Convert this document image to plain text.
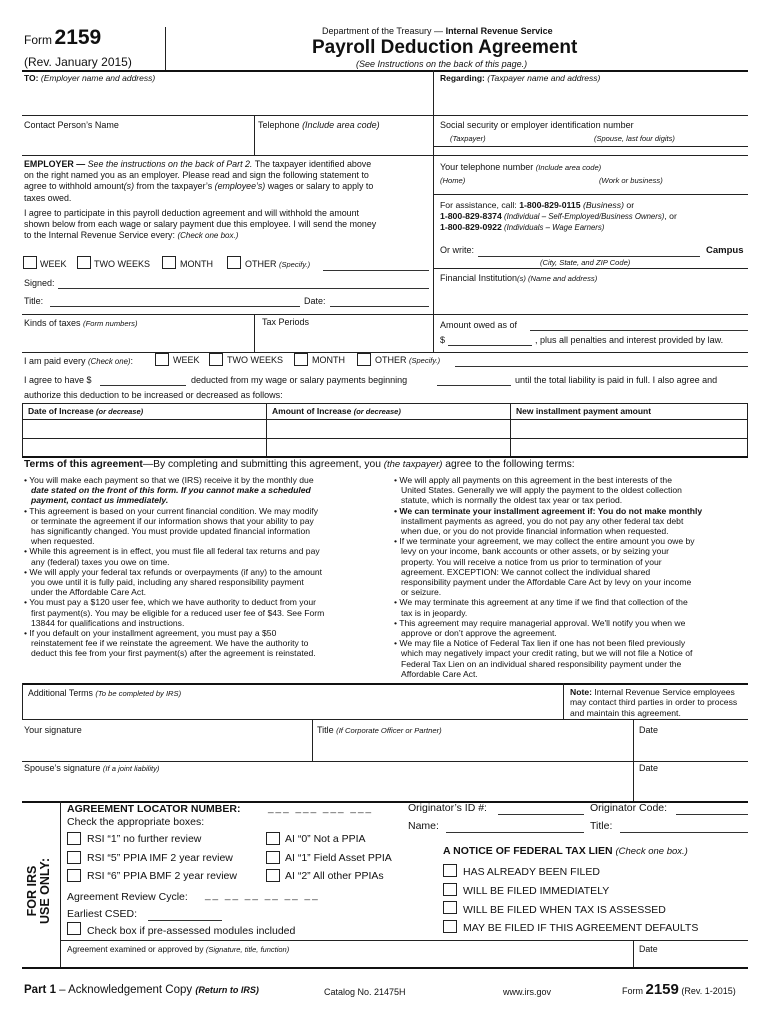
Form 2159
(Rev. January 2015)
Department of the Treasury — Internal Revenue Service
Payroll Deduction Agreement
(See Instructions on the back of this page.)
TO: (Employer name and address)	Regarding: (Taxpayer name and address)
Contact Person’s Name	Telephone (Include area code)	Social security or employer identification number
(Taxpayer)	(Spouse, last four digits)
EMPLOYER — See the instructions on the back of Part 2. The taxpayer identified above
on the right named you as an employer. Please read and sign the following statement to
agree to withhold amount(s) from the taxpayer’s (employee’s) wages or salary to apply to
taxes owed.
I agree to participate in this payroll deduction agreement and will withhold the amount
shown below from each wage or salary payment due this employee. I will send the money
to the Internal Revenue Service every: (Check one box.)
WEEK	TWO WEEKS	MONTH	OTHER (Specify.)
Signed:
Title:	Date:
Your telephone number (Include area code)
(Home)	(Work or business)
For assistance, call: 1-800-829-0115 (Business) or
1-800-829-8374 (Individual – Self-Employed/Business Owners), or
1-800-829-0922 (Individuals – Wage Earners)
Or write:	Campus
(City, State, and ZIP Code)
Financial Institution(s) (Name and address)
Kinds of taxes (Form numbers)	Tax Periods	Amount owed as of
$	, plus all penalties and interest provided by law.
I am paid every (Check one):	WEEK	TWO WEEKS	MONTH	OTHER (Specify.)
I agree to have $	deducted from my wage or salary payments beginning	until the total liability is paid in full. I also agree and
authorize this deduction to be increased or decreased as follows:
Date of Increase (or decrease)	Amount of Increase (or decrease)	New installment payment amount
Terms of this agreement—By completing and submitting this agreement, you (the taxpayer) agree to the following terms:

• You will make each payment so that we (IRS) receive it by the monthly due

date stated on the front of this form. If you cannot make a scheduled

payment, contact us immediately.

• This agreement is based on your current financial condition. We may modify

or terminate the agreement if our information shows that your ability to pay

has significantly changed. You must provide updated financial information

when requested.

• While this agreement is in effect, you must file all federal tax returns and pay

any (federal) taxes you owe on time.

• We will apply your federal tax refunds or overpayments (if any) to the amount

you owe until it is fully paid, including any shared responsibility payment

under the Affordable Care Act.

• You must pay a $120 user fee, which we have authority to deduct from your

first payment(s). You may be eligible for a reduced user fee of $43. See Form

13844 for qualifications and instructions.

• If you default on your installment agreement, you must pay a $50

reinstatement fee if we reinstate the agreement. We have the authority to

deduct this fee from your first payment(s) after the agreement is reinstated.

• We will apply all payments on this agreement in the best interests of the

United States. Generally we will apply the payment to the oldest collection

statute, which is normally the oldest tax year or tax period.

• We can terminate your installment agreement if: You do not make monthly

installment payments as agreed, you do not pay any other federal tax debt

when due, or you do not provide financial information when requested.

• If we terminate your agreement, we may collect the entire amount you owe by

levy on your income, bank accounts or other assets, or by seizing your

property. You will receive a notice from us prior to termination of your

agreement. EXCEPTION: We cannot collect the individual shared

responsibility payment under the Affordable Care Act by levy on your income

or seizure.

• We may terminate this agreement at any time if we find that collection of the

tax is in jeopardy.

• This agreement may require managerial approval. We'll notify you when we

approve or don’t approve the agreement.

• We may file a Notice of Federal Tax lien if one has not been filed previously

which may negatively impact your credit rating, but we will not file a Notice of

Federal Tax Lien on an individual shared responsibility payment under the

Affordable Care Act.

Additional Terms (To be completed by IRS)	Note: Internal Revenue Service employees
may contact third parties in order to process
and maintain this agreement.
Your signature	Title (If Corporate Officer or Partner)	Date
Spouse’s signature (If a joint liability)	Date
FOR IRS USE ONLY:
AGREEMENT LOCATOR NUMBER:	___ ___ ___ ___
Check the appropriate boxes:
RSI “1” no further review
RSI “5” PPIA IMF 2 year review
RSI “6” PPIA BMF 2 year review
AI “0” Not a PPIA
AI “1” Field Asset PPIA
AI “2” All other PPIAs
Agreement Review Cycle: __ __ __ __ __ __
Earliest CSED:
Check box if pre-assessed modules included
Originator’s ID #:	Originator Code:
Name:	Title:
A NOTICE OF FEDERAL TAX LIEN (Check one box.)
HAS ALREADY BEEN FILED
WILL BE FILED IMMEDIATELY
WILL BE FILED WHEN TAX IS ASSESSED
MAY BE FILED IF THIS AGREEMENT DEFAULTS
Agreement examined or approved by (Signature, title, function)	Date
Part 1 – Acknowledgement Copy (Return to IRS)	Catalog No. 21475H	www.irs.gov	Form 2159 (Rev. 1-2015)
